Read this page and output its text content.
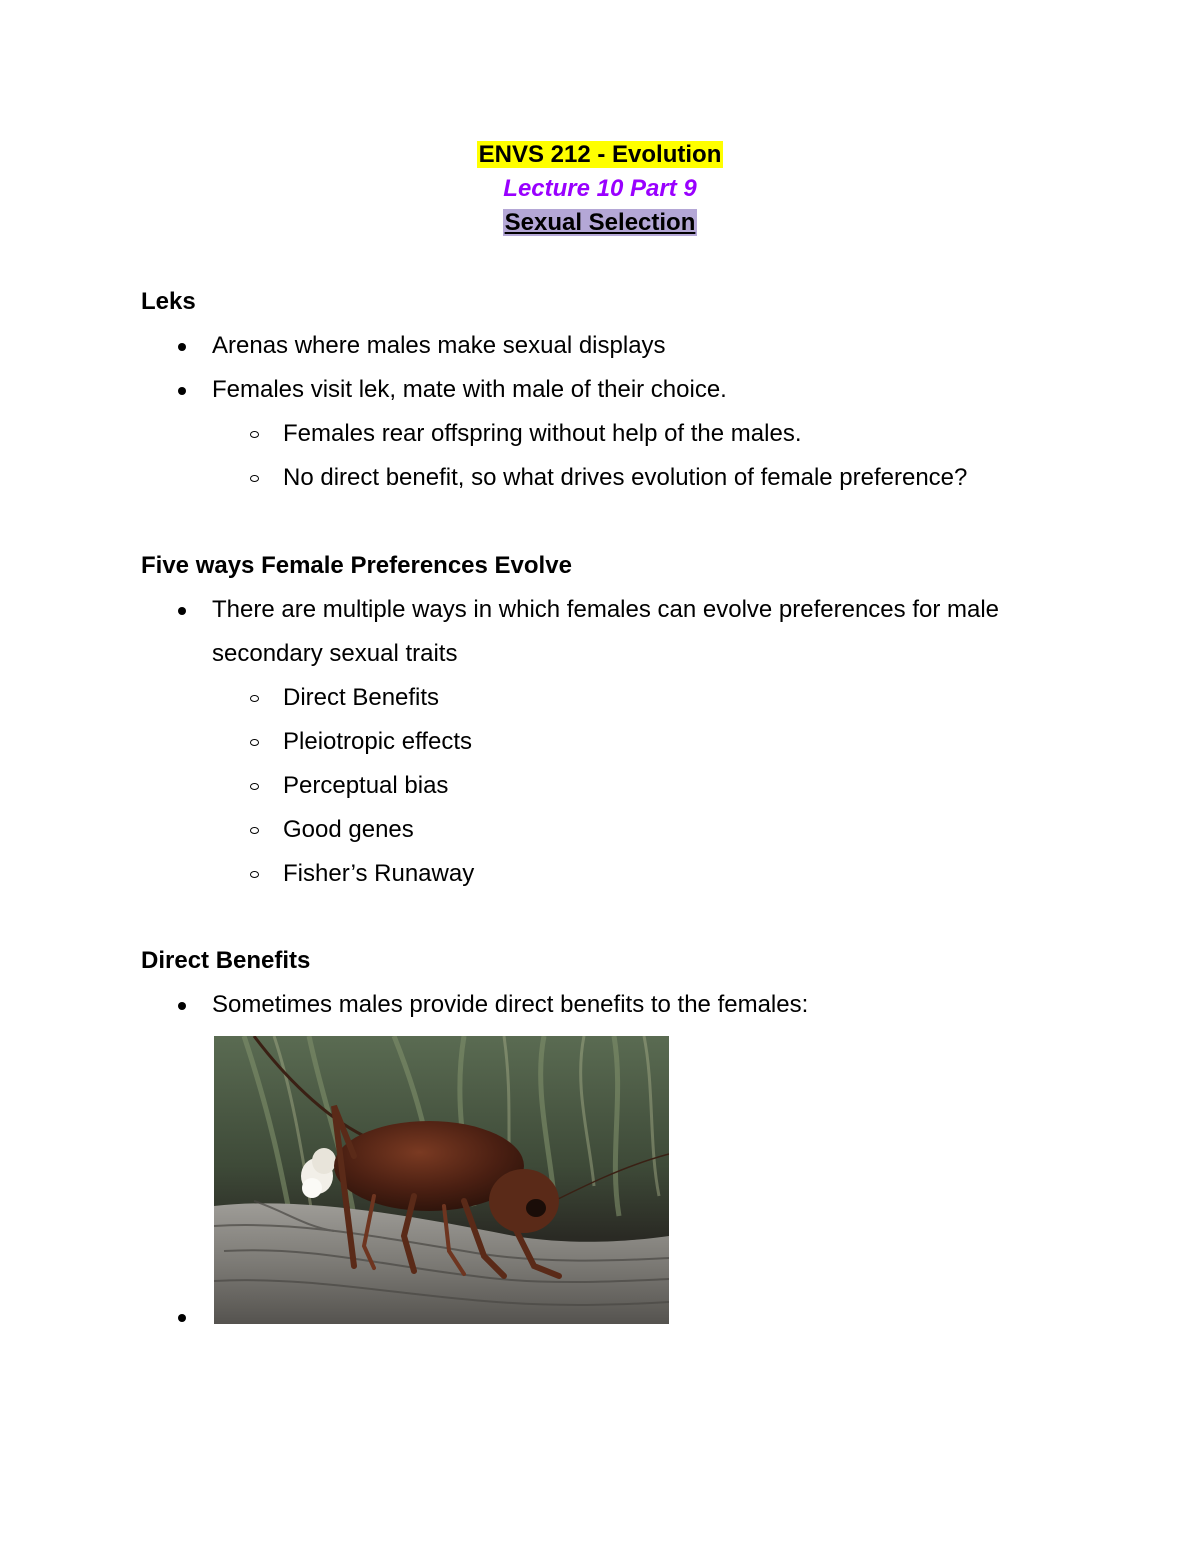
ENVS 212 - Evolution
Lecture 10 Part 9
Sexual Selection
Leks
Arenas where males make sexual displays
Females visit lek, mate with male of their choice.
Females rear offspring without help of the males.
No direct benefit, so what drives evolution of female preference?
Five ways Female Preferences Evolve
There are multiple ways in which females can evolve preferences for male
secondary sexual traits
Direct Benefits
Pleiotropic effects
Perceptual bias
Good genes
Fisher’s Runaway
Direct Benefits
Sometimes males provide direct benefits to the females:
